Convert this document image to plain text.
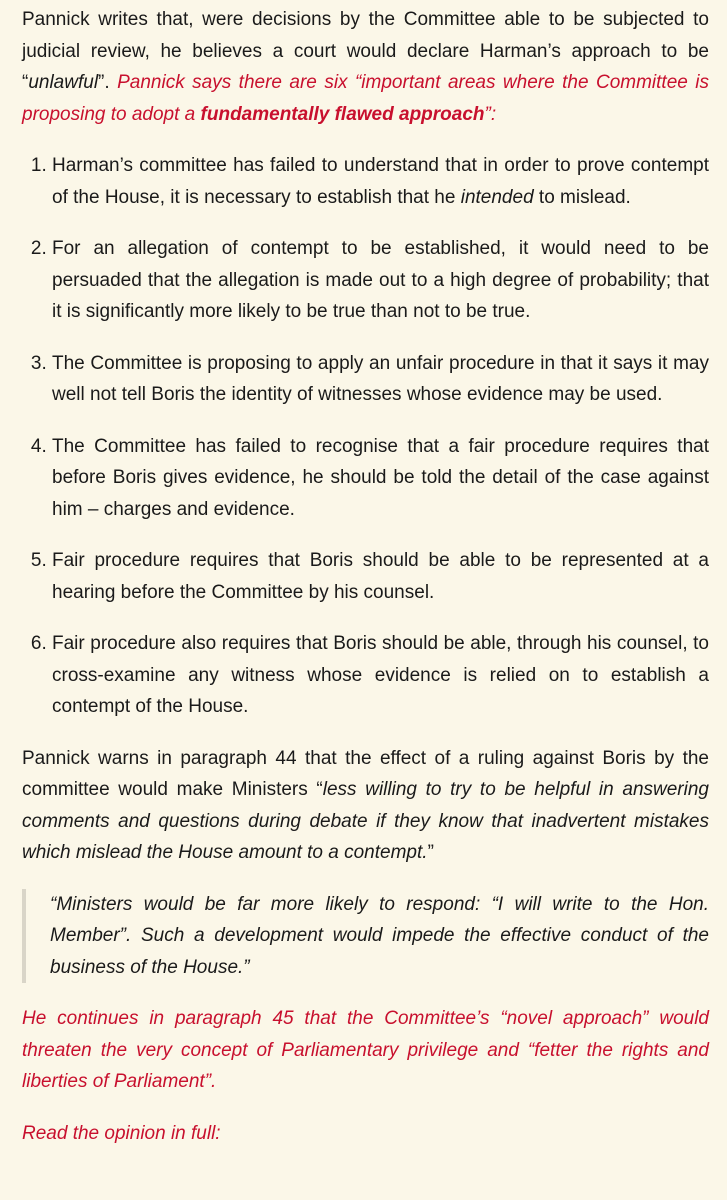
Pannick writes that, were decisions by the Committee able to be subjected to judicial review, he believes a court would declare Harman’s approach to be “unlawful”. Pannick says there are six “important areas where the Committee is proposing to adopt a fundamentally flawed approach”:

1. Harman’s committee has failed to understand that in order to prove contempt of the House, it is necessary to establish that he intended to mislead.
2. For an allegation of contempt to be established, it would need to be persuaded that the allegation is made out to a high degree of probability; that it is significantly more likely to be true than not to be true.
3. The Committee is proposing to apply an unfair procedure in that it says it may well not tell Boris the identity of witnesses whose evidence may be used.
4. The Committee has failed to recognise that a fair procedure requires that before Boris gives evidence, he should be told the detail of the case against him – charges and evidence.
5. Fair procedure requires that Boris should be able to be represented at a hearing before the Committee by his counsel.
6. Fair procedure also requires that Boris should be able, through his counsel, to cross-examine any witness whose evidence is relied on to establish a contempt of the House.

Pannick warns in paragraph 44 that the effect of a ruling against Boris by the committee would make Ministers “less willing to try to be helpful in answering comments and questions during debate if they know that inadvertent mistakes which mislead the House amount to a contempt.”

“Ministers would be far more likely to respond: “I will write to the Hon. Member”. Such a development would impede the effective conduct of the business of the House.”

He continues in paragraph 45 that the Committee’s “novel approach” would threaten the very concept of Parliamentary privilege and “fetter the rights and liberties of Parliament”.

Read the opinion in full:
